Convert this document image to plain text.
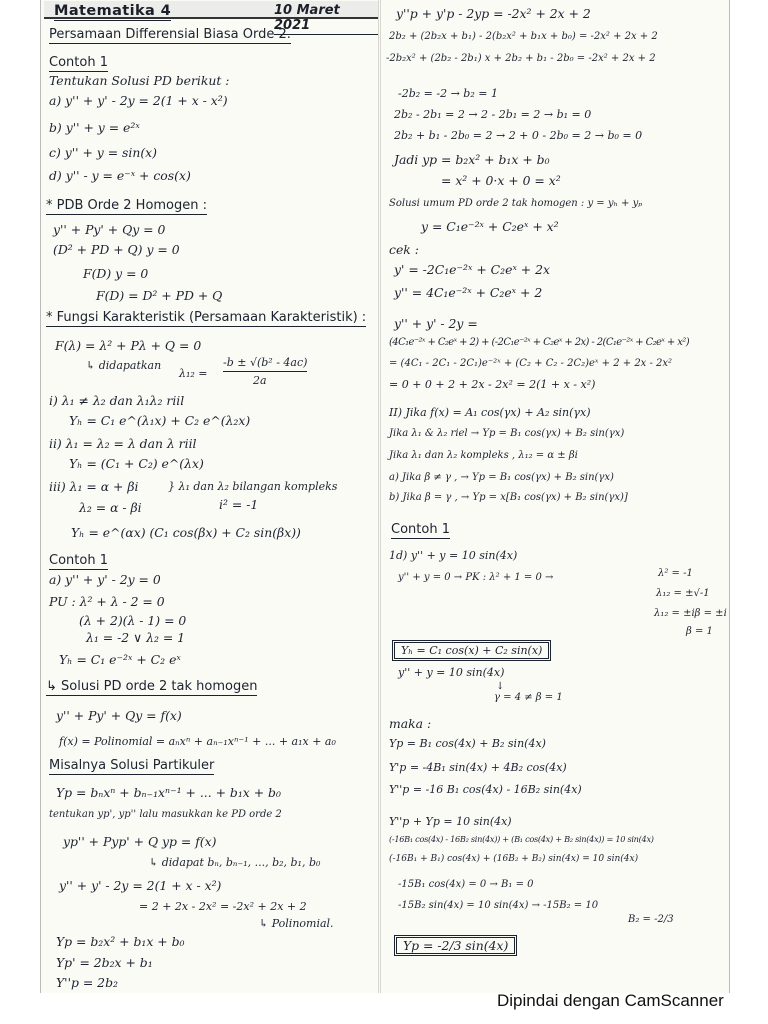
Matematika 4	10 Maret 2021
Persamaan Differensial Biasa Orde 2.
Contoh 1
Tentukan Solusi PD berikut :
a) y'' + y' - 2y = 2(1 + x - x²)
b) y'' + y = e²ˣ
c) y'' + y = sin(x)
d) y'' - y = e⁻ˣ + cos(x)
* PDB Orde 2 Homogen :
y'' + Py' + Qy = 0
(D² + PD + Q) y = 0
F(D) y = 0
F(D) = D² + PD + Q
* Fungsi Karakteristik (Persamaan Karakteristik) :
F(λ) = λ² + Pλ + Q = 0
↳ didapatkan
λ₁₂ =
-b ± √(b² - 4ac)
2a
i) λ₁ ≠ λ₂ dan λ₁λ₂ riil
Yₕ = C₁ e^(λ₁x) + C₂ e^(λ₂x)
ii) λ₁ = λ₂ = λ dan λ riil
Yₕ = (C₁ + C₂) e^(λx)
iii) λ₁ = α + βi	} λ₁ dan λ₂ bilangan kompleks
λ₂ = α - βi	i² = -1
Yₕ = e^(αx) (C₁ cos(βx) + C₂ sin(βx))
Contoh 1
a) y'' + y' - 2y = 0
PU : λ² + λ - 2 = 0
(λ + 2)(λ - 1) = 0
λ₁ = -2 ∨ λ₂ = 1
Yₕ = C₁ e⁻²ˣ + C₂ eˣ
↳ Solusi PD orde 2 tak homogen
y'' + Py' + Qy = f(x)
f(x) = Polinomial = aₙxⁿ + aₙ₋₁xⁿ⁻¹ + ... + a₁x + a₀
Misalnya Solusi Partikuler
Yp = bₙxⁿ + bₙ₋₁xⁿ⁻¹ + ... + b₁x + b₀
tentukan yp', yp'' lalu masukkan ke PD orde 2
yp'' + Pyp' + Q yp = f(x)
↳ didapat bₙ, bₙ₋₁, ..., b₂, b₁, b₀
y'' + y' - 2y = 2(1 + x - x²)
= 2 + 2x - 2x² = -2x² + 2x + 2
↳ Polinomial.
Yp = b₂x² + b₁x + b₀
Yp' = 2b₂x + b₁
Y''p = 2b₂
y''p + y'p - 2yp = -2x² + 2x + 2
2b₂ + (2b₂x + b₁) - 2(b₂x² + b₁x + b₀) = -2x² + 2x + 2
-2b₂x² + (2b₂ - 2b₁) x + 2b₂ + b₁ - 2b₀ = -2x² + 2x + 2
-2b₂ = -2 → b₂ = 1
2b₂ - 2b₁ = 2 → 2 - 2b₁ = 2 → b₁ = 0
2b₂ + b₁ - 2b₀ = 2 → 2 + 0 - 2b₀ = 2 → b₀ = 0
Jadi yp = b₂x² + b₁x + b₀
= x² + 0·x + 0 = x²
Solusi umum PD orde 2 tak homogen : y = yₕ + yₚ
y = C₁e⁻²ˣ + C₂eˣ + x²
cek :
y' = -2C₁e⁻²ˣ + C₂eˣ + 2x
y'' = 4C₁e⁻²ˣ + C₂eˣ + 2
y'' + y' - 2y =
(4C₁e⁻²ˣ + C₂eˣ + 2) + (-2C₁e⁻²ˣ + C₂eˣ + 2x) - 2(C₁e⁻²ˣ + C₂eˣ + x²)
= (4C₁ - 2C₁ - 2C₁)e⁻²ˣ + (C₂ + C₂ - 2C₂)eˣ + 2 + 2x - 2x²
= 0 + 0 + 2 + 2x - 2x² = 2(1 + x - x²)
II) Jika f(x) = A₁ cos(γx) + A₂ sin(γx)
Jika λ₁ & λ₂ riel → Yp = B₁ cos(γx) + B₂ sin(γx)
Jika λ₁ dan λ₂ kompleks , λ₁₂ = α ± βi
a) Jika β ≠ γ , → Yp = B₁ cos(γx) + B₂ sin(γx)
b) Jika β = γ , → Yp = x[B₁ cos(γx) + B₂ sin(γx)]
Contoh 1
1d) y'' + y = 10 sin(4x)
y'' + y = 0 → PK : λ² + 1 = 0 →	λ² = -1
λ₁₂ = ±√-1
λ₁₂ = ±iβ = ±i
β = 1
Yₕ = C₁ cos(x) + C₂ sin(x)
y'' + y = 10 sin(4x)
↓
γ = 4 ≠ β = 1
maka :
Yp = B₁ cos(4x) + B₂ sin(4x)
Y'p = -4B₁ sin(4x) + 4B₂ cos(4x)
Y''p = -16 B₁ cos(4x) - 16B₂ sin(4x)
Y''p + Yp = 10 sin(4x)
(-16B₁ cos(4x) - 16B₂ sin(4x)) + (B₁ cos(4x) + B₂ sin(4x)) = 10 sin(4x)
(-16B₁ + B₁) cos(4x) + (16B₂ + B₂) sin(4x) = 10 sin(4x)
-15B₁ cos(4x) = 0 → B₁ = 0
-15B₂ sin(4x) = 10 sin(4x) → -15B₂ = 10
B₂ = -2/3
Yp = -2/3 sin(4x)
Dipindai dengan CamScanner
